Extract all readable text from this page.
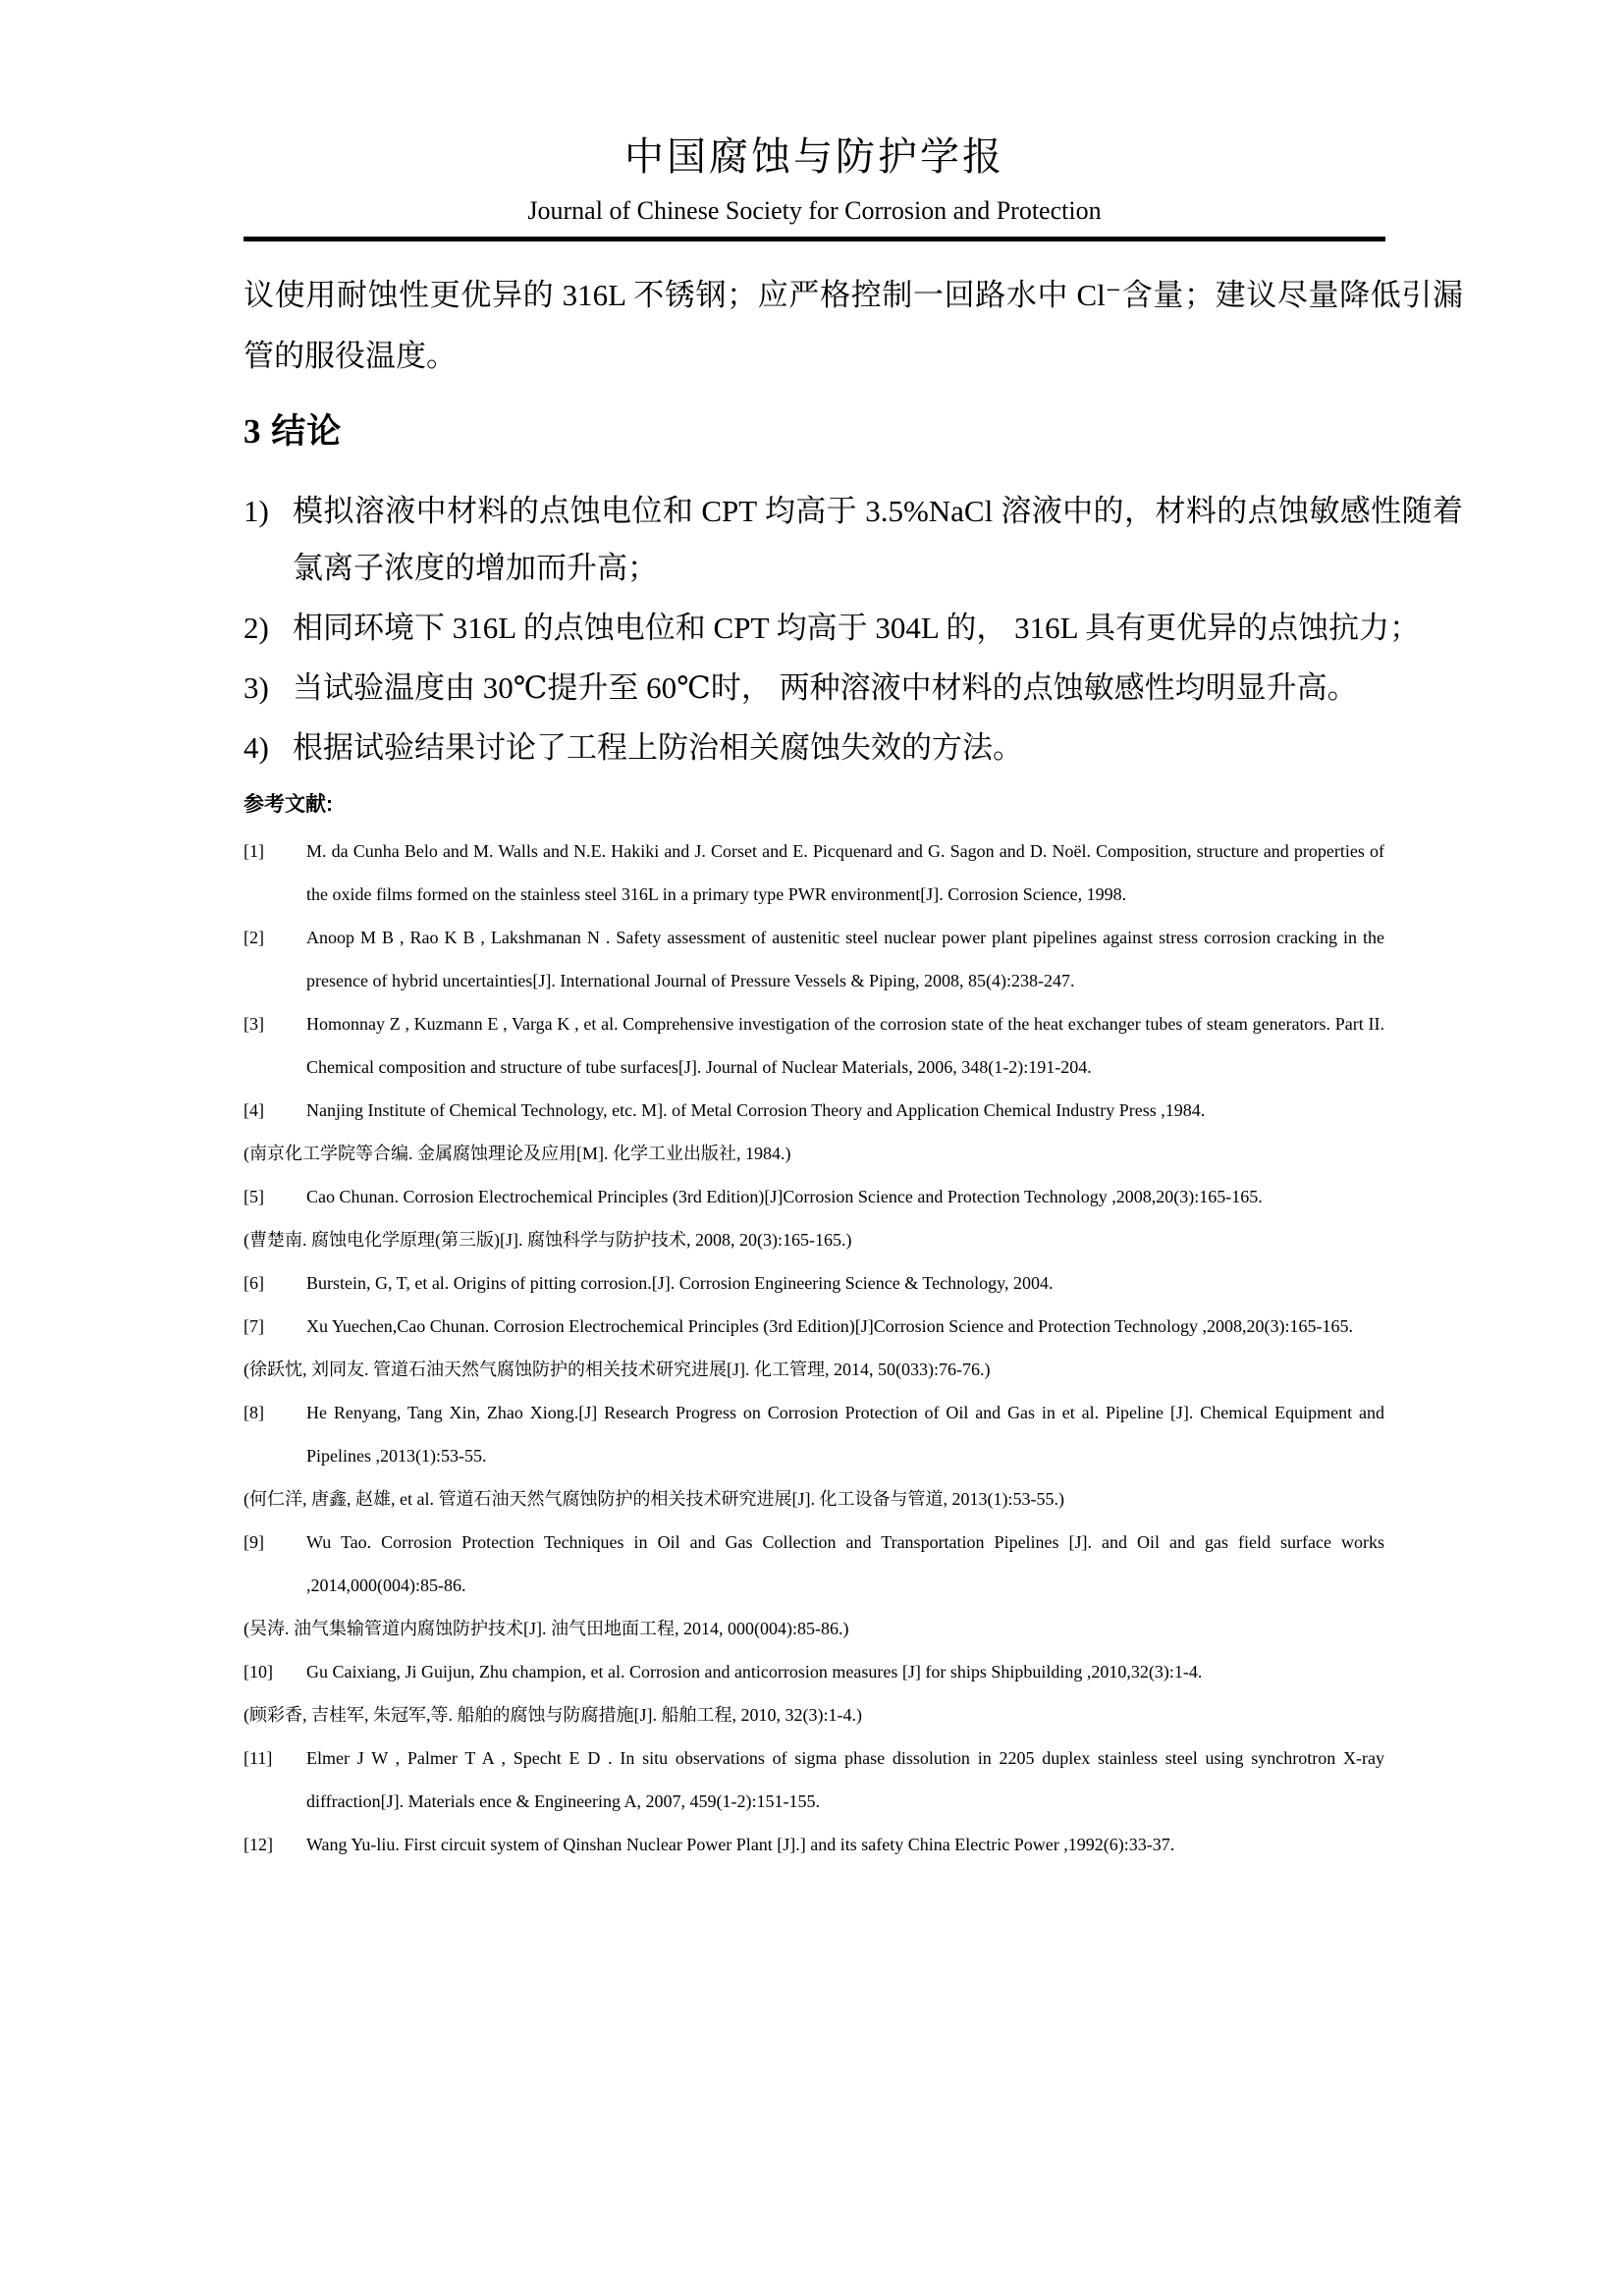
中国腐蚀与防护学报
Journal of Chinese Society for Corrosion and Protection

议使用耐蚀性更优异的 316L 不锈钢；应严格控制一回路水中 Cl⁻含量；建议尽量降低引漏管的服役温度。

3 结论
1) 模拟溶液中材料的点蚀电位和 CPT 均高于 3.5%NaCl 溶液中的，材料的点蚀敏感性随着氯离子浓度的增加而升高；
2) 相同环境下 316L 的点蚀电位和 CPT 均高于 304L 的， 316L 具有更优异的点蚀抗力；
3) 当试验温度由 30℃提升至 60℃时， 两种溶液中材料的点蚀敏感性均明显升高。
4) 根据试验结果讨论了工程上防治相关腐蚀失效的方法。
参考文献:
[1] M. da Cunha Belo and M. Walls and N.E. Hakiki and J. Corset and E. Picquenard and G. Sagon and D. Noël. Composition, structure and properties of the oxide films formed on the stainless steel 316L in a primary type PWR environment[J]. Corrosion Science, 1998.
[2] Anoop M B , Rao K B , Lakshmanan N . Safety assessment of austenitic steel nuclear power plant pipelines against stress corrosion cracking in the presence of hybrid uncertainties[J]. International Journal of Pressure Vessels & Piping, 2008, 85(4):238-247.
[3] Homonnay Z , Kuzmann E , Varga K , et al. Comprehensive investigation of the corrosion state of the heat exchanger tubes of steam generators. Part II. Chemical composition and structure of tube surfaces[J]. Journal of Nuclear Materials, 2006, 348(1-2):191-204.
[4] Nanjing Institute of Chemical Technology, etc. M]. of Metal Corrosion Theory and Application Chemical Industry Press ,1984.
(南京化工学院等合编. 金属腐蚀理论及应用[M]. 化学工业出版社, 1984.)
[5] Cao Chunan. Corrosion Electrochemical Principles (3rd Edition)[J]Corrosion Science and Protection Technology ,2008,20(3):165-165.
(曹楚南. 腐蚀电化学原理(第三版)[J]. 腐蚀科学与防护技术, 2008, 20(3):165-165.)
[6] Burstein, G, T, et al. Origins of pitting corrosion.[J]. Corrosion Engineering Science & Technology, 2004.
[7] Xu Yuechen,Cao Chunan. Corrosion Electrochemical Principles (3rd Edition)[J]Corrosion Science and Protection Technology ,2008,20(3):165-165.
(徐跃忱, 刘同友. 管道石油天然气腐蚀防护的相关技术研究进展[J]. 化工管理, 2014, 50(033):76-76.)
[8] He Renyang, Tang Xin, Zhao Xiong.[J] Research Progress on Corrosion Protection of Oil and Gas in et al. Pipeline [J]. Chemical Equipment and Pipelines ,2013(1):53-55.
(何仁洋, 唐鑫, 赵雄, et al. 管道石油天然气腐蚀防护的相关技术研究进展[J]. 化工设备与管道, 2013(1):53-55.)
[9] Wu Tao. Corrosion Protection Techniques in Oil and Gas Collection and Transportation Pipelines [J]. and Oil and gas field surface works ,2014,000(004):85-86.
(吴涛. 油气集输管道内腐蚀防护技术[J]. 油气田地面工程, 2014, 000(004):85-86.)
[10] Gu Caixiang, Ji Guijun, Zhu champion, et al. Corrosion and anticorrosion measures [J] for ships Shipbuilding ,2010,32(3):1-4.
(顾彩香, 吉桂军, 朱冠军,等. 船舶的腐蚀与防腐措施[J]. 船舶工程, 2010, 32(3):1-4.)
[11] Elmer J W , Palmer T A , Specht E D . In situ observations of sigma phase dissolution in 2205 duplex stainless steel using synchrotron X-ray diffraction[J]. Materials ence & Engineering A, 2007, 459(1-2):151-155.
[12] Wang Yu-liu. First circuit system of Qinshan Nuclear Power Plant [J].] and its safety China Electric Power ,1992(6):33-37.
